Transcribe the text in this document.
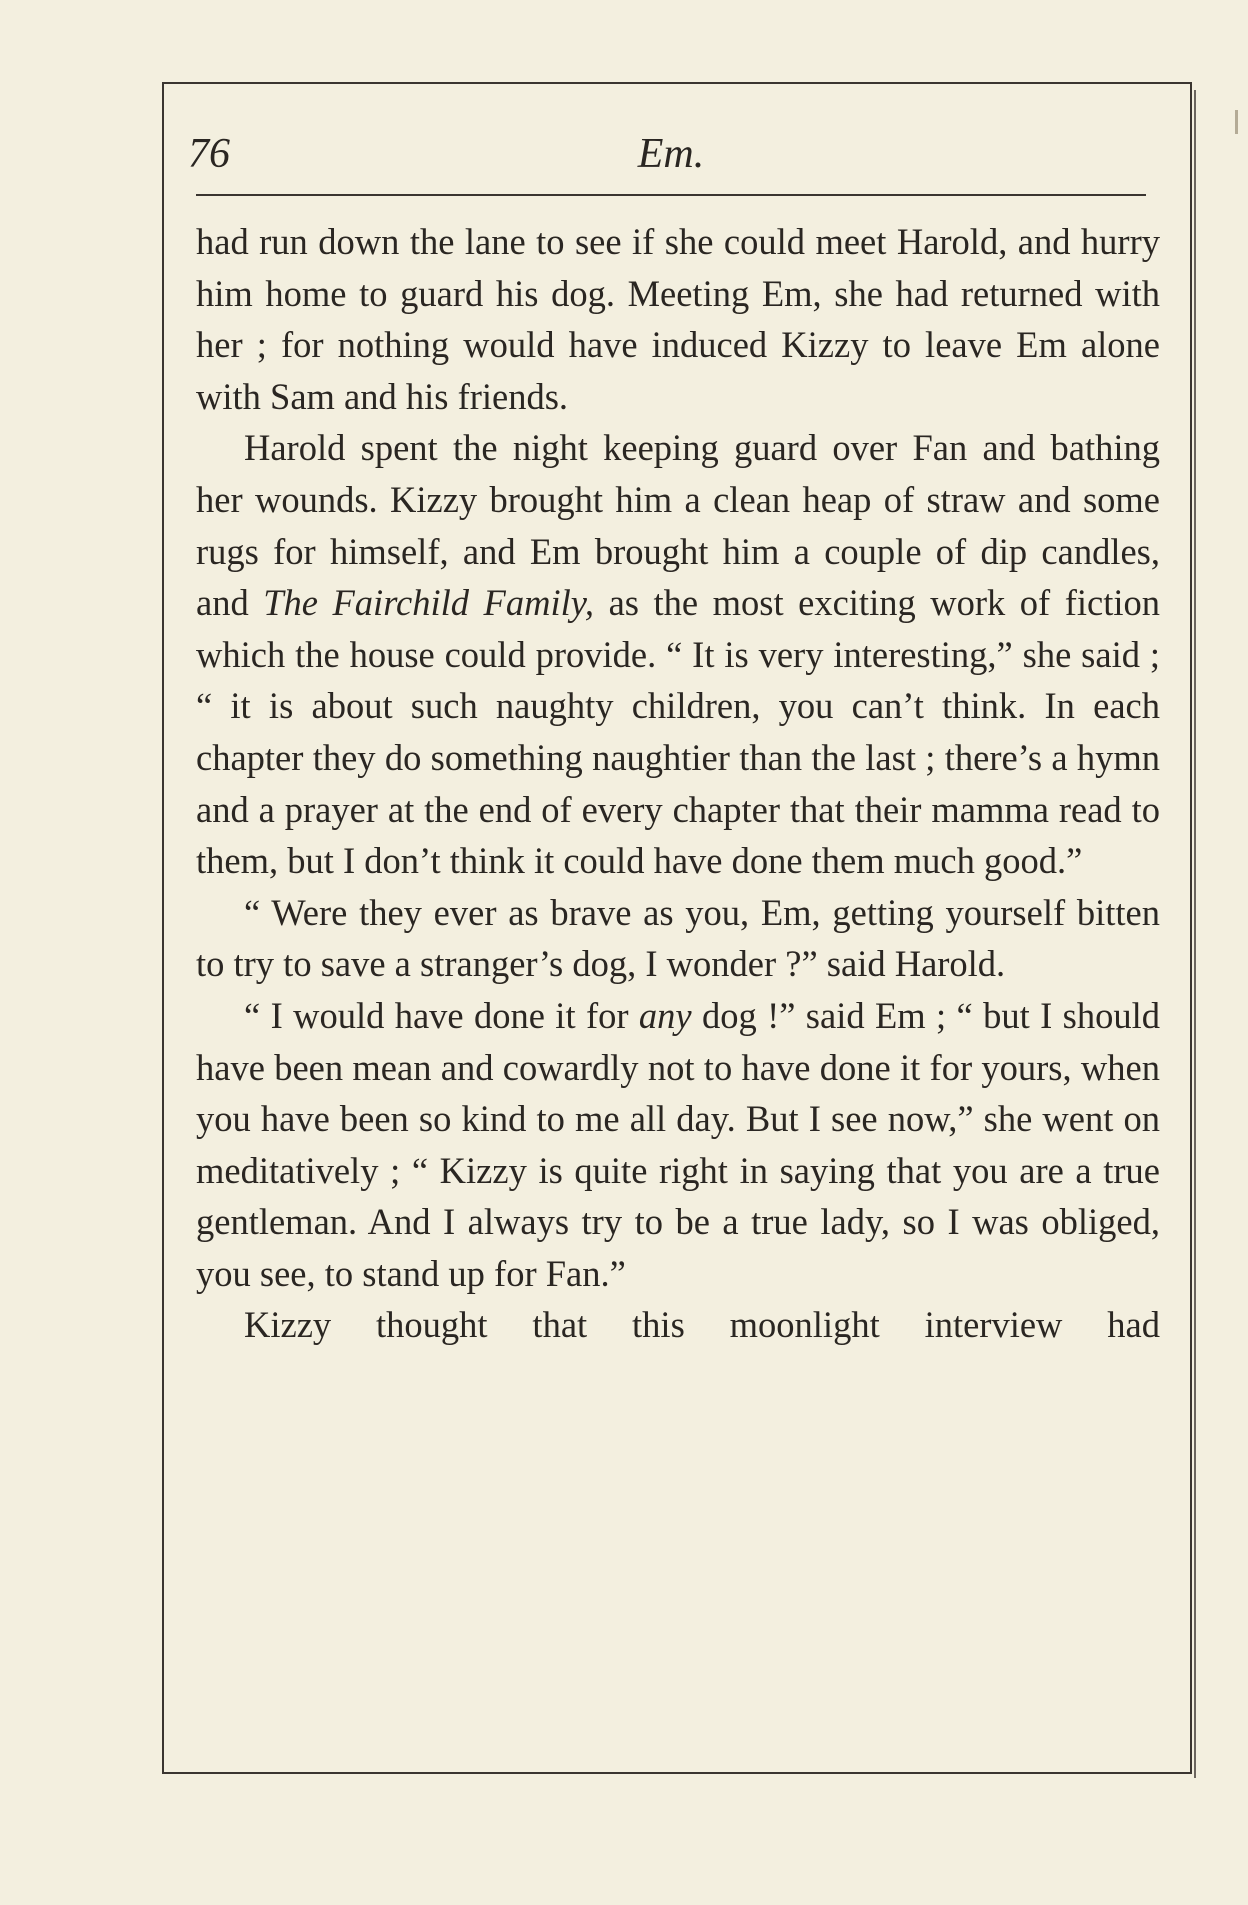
76	Em.

had run down the lane to see if she could meet Harold, and hurry him home to guard his dog. Meeting Em, she had returned with her ; for nothing would have induced Kizzy to leave Em alone with Sam and his friends.

Harold spent the night keeping guard over Fan and bathing her wounds. Kizzy brought him a clean heap of straw and some rugs for himself, and Em brought him a couple of dip candles, and The Fairchild Family, as the most exciting work of fiction which the house could provide. “ It is very interesting,” she said ; “ it is about such naughty children, you can’t think. In each chapter they do something naughtier than the last ; there’s a hymn and a prayer at the end of every chapter that their mamma read to them, but I don’t think it could have done them much good.”

“ Were they ever as brave as you, Em, getting yourself bitten to try to save a stranger’s dog, I wonder ?” said Harold.

“ I would have done it for any dog !” said Em ; “ but I should have been mean and cowardly not to have done it for yours, when you have been so kind to me all day. But I see now,” she went on meditatively ; “ Kizzy is quite right in saying that you are a true gentleman. And I always try to be a true lady, so I was obliged, you see, to stand up for Fan.”

Kizzy thought that this moonlight interview had
